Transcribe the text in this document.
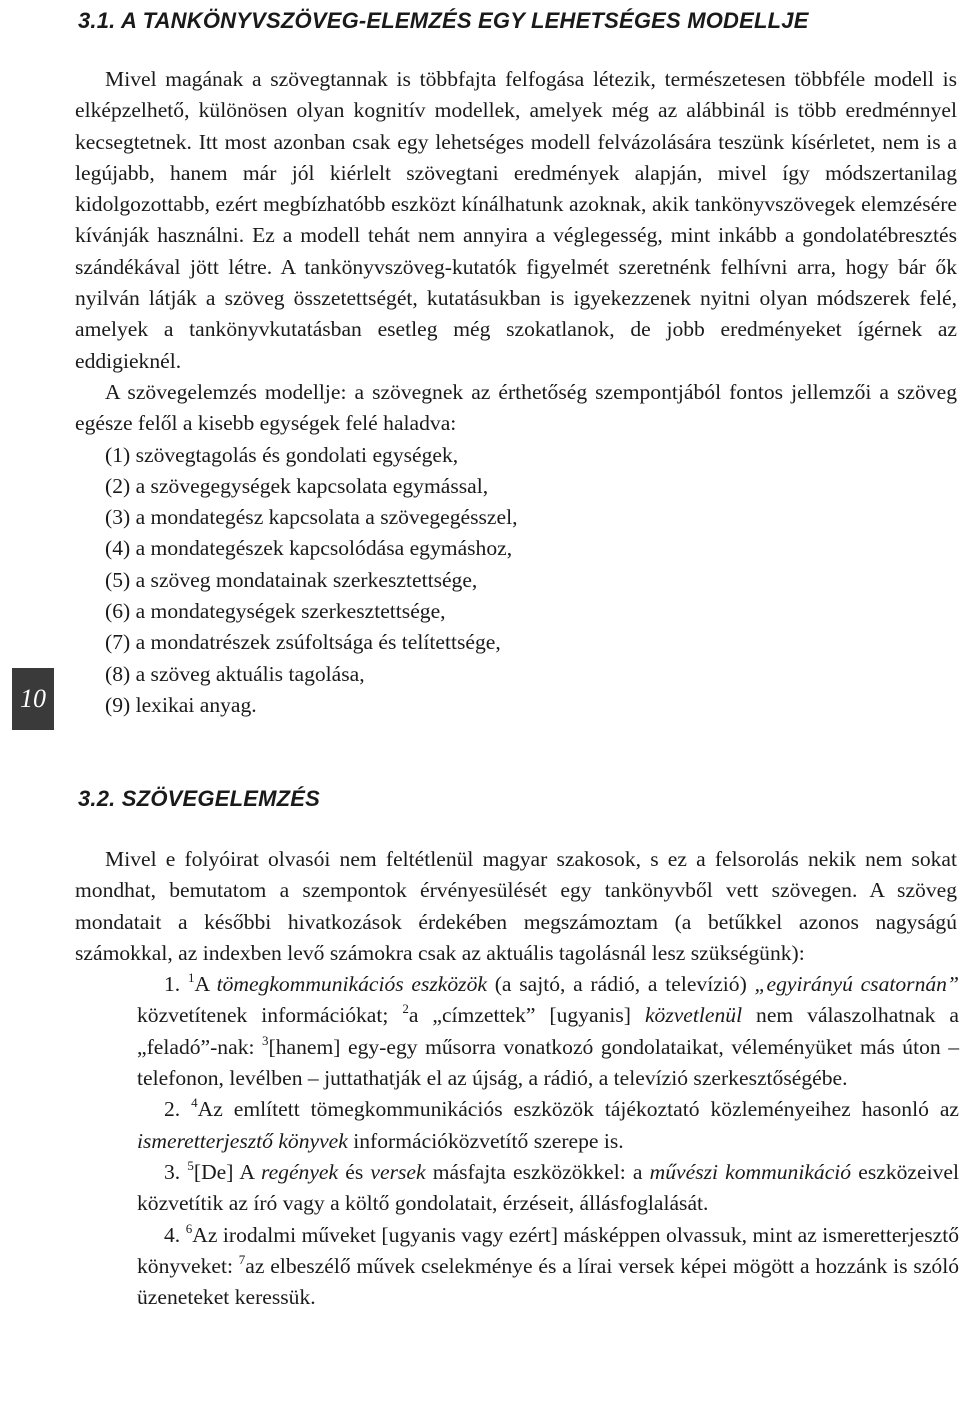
3.1. A TANKÖNYVSZÖVEG-ELEMZÉS EGY LEHETSÉGES MODELLJE

Mivel magának a szövegtannak is többfajta felfogása létezik, természetesen többféle modell is elképzelhető, különösen olyan kognitív modellek, amelyek még az alábbinál is több eredménnyel kecsegtetnek. Itt most azonban csak egy lehetséges modell felvázolására teszünk kísérletet, nem is a legújabb, hanem már jól kiérlelt szövegtani eredmények alapján, mivel így módszertanilag kidolgozottabb, ezért megbízhatóbb eszközt kínálhatunk azoknak, akik tankönyvszövegek elemzésére kívánják használni. Ez a modell tehát nem annyira a véglegesség, mint inkább a gondolatébresztés szándékával jött létre. A tankönyvszöveg-kutatók figyelmét szeretnénk felhívni arra, hogy bár ők nyilván látják a szöveg összetettségét, kutatásukban is igyekezzenek nyitni olyan módszerek felé, amelyek a tankönyvkutatásban esetleg még szokatlanok, de jobb eredményeket ígérnek az eddigieknél.

A szövegelemzés modellje: a szövegnek az érthetőség szempontjából fontos jellemzői a szöveg egésze felől a kisebb egységek felé haladva:

(1) szövegtagolás és gondolati egységek,
(2) a szövegegységek kapcsolata egymással,
(3) a mondategész kapcsolata a szövegegésszel,
(4) a mondategészek kapcsolódása egymáshoz,
(5) a szöveg mondatainak szerkesztettsége,
(6) a mondategységek szerkesztettsége,
(7) a mondatrészek zsúfoltsága és telítettsége,
(8) a szöveg aktuális tagolása,
(9) lexikai anyag.
3.2. SZÖVEGELEMZÉS

Mivel e folyóirat olvasói nem feltétlenül magyar szakosok, s ez a felsorolás nekik nem sokat mondhat, bemutatom a szempontok érvényesülését egy tankönyvből vett szövegen. A szöveg mondatait a későbbi hivatkozások érdekében megszámoztam (a betűkkel azonos nagyságú számokkal, az indexben levő számokra csak az aktuális tagolásnál lesz szükségünk):

1. $^1$A tömegkommunikációs eszközök (a sajtó, a rádió, a televízió) „egyirányú csatornán” közvetítenek információkat; $^2$a „címzettek” [ugyanis] közvetlenül nem válaszolhatnak a „feladó”-nak: $^3$[hanem] egy-egy műsorra vonatkozó gondolataikat, véleményüket más úton – telefonon, levélben – juttathatják el az újság, a rádió, a televízió szerkesztőségébe.
2. $^4$Az említett tömegkommunikációs eszközök tájékoztató közleményeihez hasonló az ismeretterjesztő könyvek információközvetítő szerepe is.
3. $^5$[De] A regények és versek másfajta eszközökkel: a művészi kommunikáció eszközeivel közvetítik az író vagy a költő gondolatait, érzéseit, állásfoglalását.
4. $^6$Az irodalmi műveket [ugyanis vagy ezért] másképpen olvassuk, mint az ismeretterjesztő könyveket: $^7$az elbeszélő művek cselekménye és a lírai versek képei mögött a hozzánk is szóló üzeneteket keressük.
10
